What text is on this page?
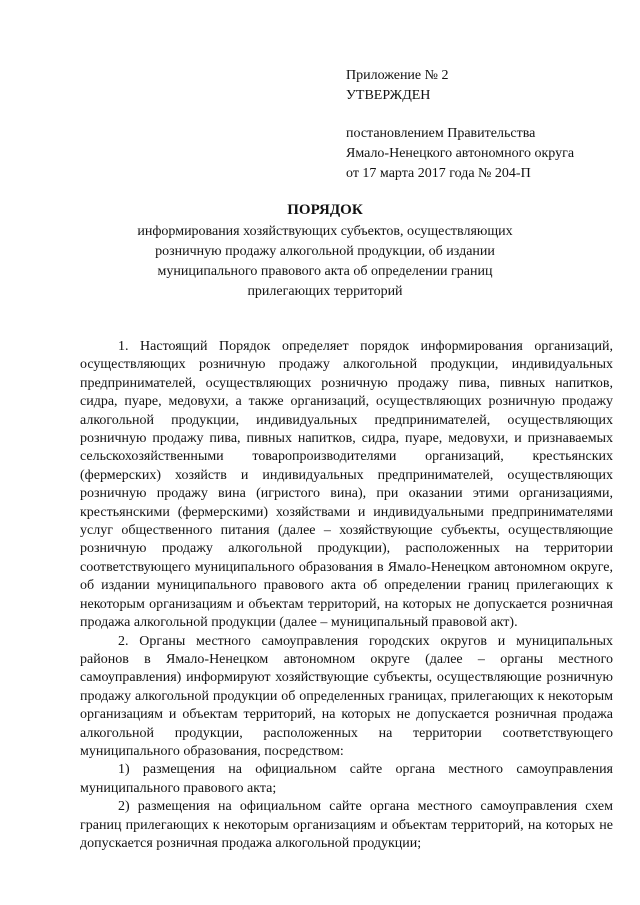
Приложение № 2
УТВЕРЖДЕН
постановлением Правительства
Ямало-Ненецкого автономного округа
от 17 марта 2017 года № 204-П
ПОРЯДОК
информирования хозяйствующих субъектов, осуществляющих
розничную продажу алкогольной продукции, об издании
муниципального правового акта об определении границ
прилегающих территорий

1. Настоящий Порядок определяет порядок информирования организаций, осуществляющих розничную продажу алкогольной продукции, индивидуальных предпринимателей, осуществляющих розничную продажу пива, пивных напитков, сидра, пуаре, медовухи, а также организаций, осуществляющих розничную продажу алкогольной продукции, индивидуальных предпринимателей, осуществляющих розничную продажу пива, пивных напитков, сидра, пуаре, медовухи, и признаваемых сельскохозяйственными товаропроизводителями организаций, крестьянских (фермерских) хозяйств и индивидуальных предпринимателей, осуществляющих розничную продажу вина (игристого вина), при оказании этими организациями, крестьянскими (фермерскими) хозяйствами и индивидуальными предпринимателями услуг общественного питания (далее – хозяйствующие субъекты, осуществляющие розничную продажу алкогольной продукции), расположенных на территории соответствующего муниципального образования в Ямало-Ненецком автономном округе, об издании муниципального правового акта об определении границ прилегающих к некоторым организациям и объектам территорий, на которых не допускается розничная продажа алкогольной продукции (далее – муниципальный правовой акт).

2. Органы местного самоуправления городских округов и муниципальных районов в Ямало-Ненецком автономном округе (далее – органы местного самоуправления) информируют хозяйствующие субъекты, осуществляющие розничную продажу алкогольной продукции об определенных границах, прилегающих к некоторым организациям и объектам территорий, на которых не допускается розничная продажа алкогольной продукции, расположенных на территории соответствующего муниципального образования, посредством:

1) размещения на официальном сайте органа местного самоуправления муниципального правового акта;

2) размещения на официальном сайте органа местного самоуправления схем границ прилегающих к некоторым организациям и объектам территорий, на которых не допускается розничная продажа алкогольной продукции;
